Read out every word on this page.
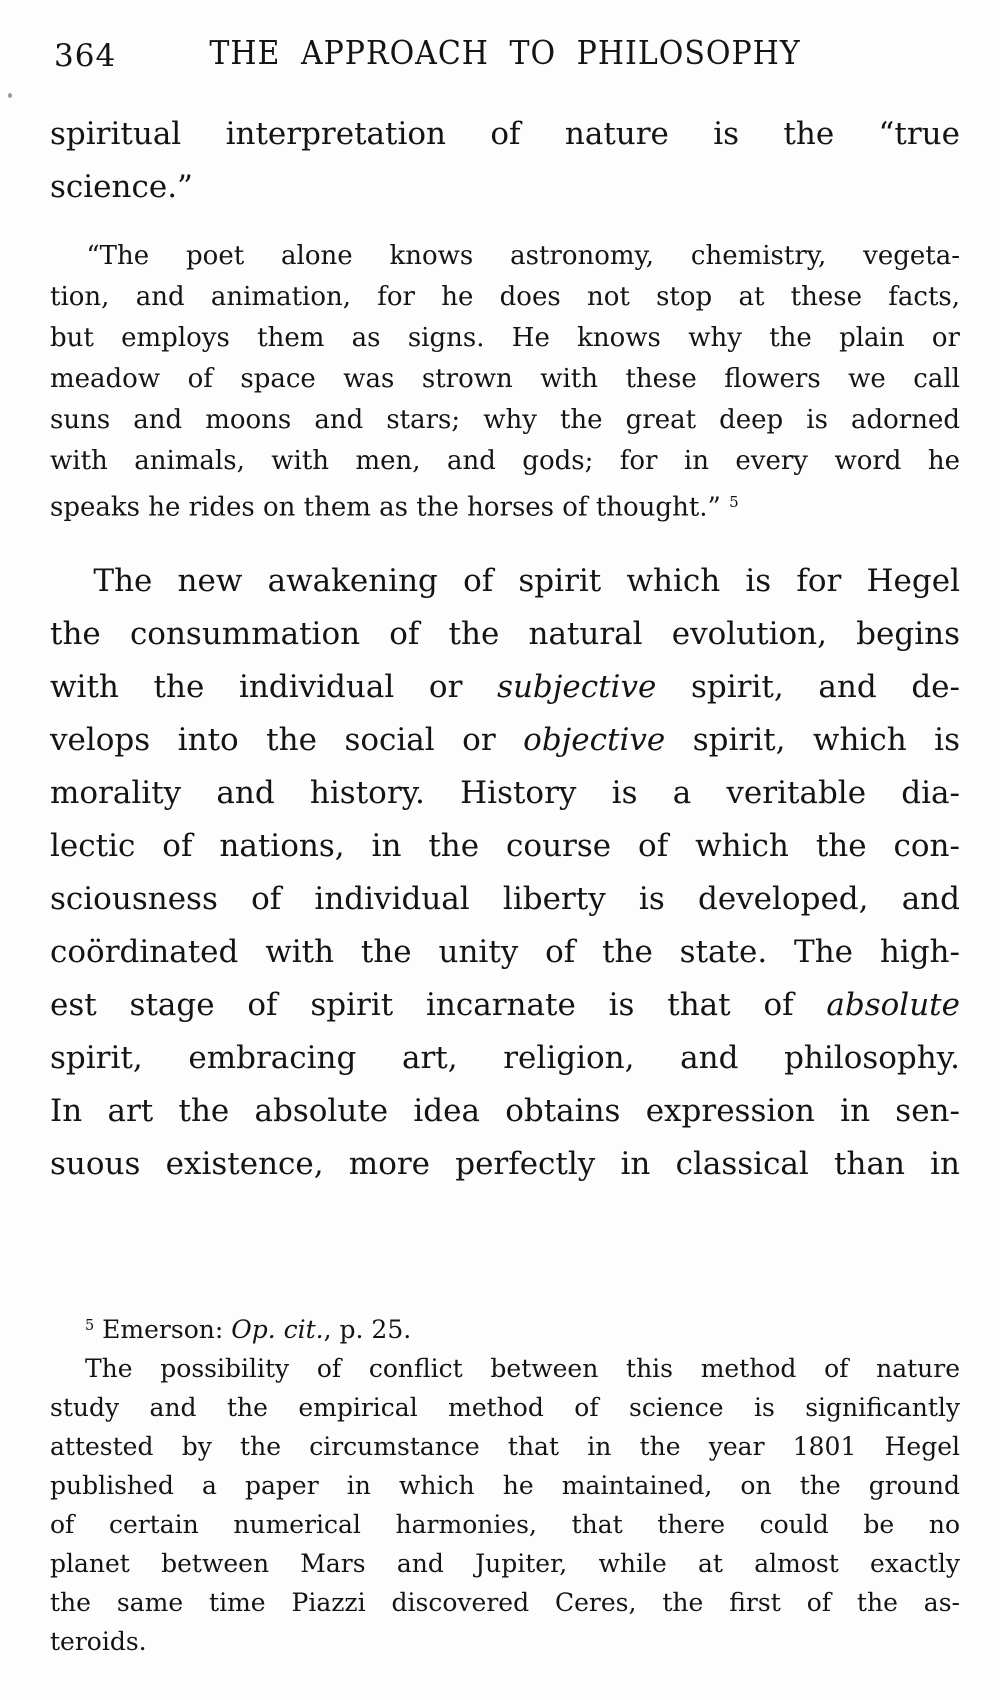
364	THE APPROACH TO PHILOSOPHY
spiritual interpretation of nature is the “true
science.”
“The poet alone knows astronomy, chemistry, vegeta-
tion, and animation, for he does not stop at these facts,
but employs them as signs. He knows why the plain or
meadow of space was strown with these flowers we call
suns and moons and stars; why the great deep is adorned
with animals, with men, and gods; for in every word he
speaks he rides on them as the horses of thought.” $^5$
The new awakening of spirit which is for Hegel
the consummation of the natural evolution, begins
with the individual or subjective spirit, and de-
velops into the social or objective spirit, which is
morality and history. History is a veritable dia-
lectic of nations, in the course of which the con-
sciousness of individual liberty is developed, and
coördinated with the unity of the state. The high-
est stage of spirit incarnate is that of absolute
spirit, embracing art, religion, and philosophy.
In art the absolute idea obtains expression in sen-
suous existence, more perfectly in classical than in
$^5$ Emerson: Op. cit., p. 25.
The possibility of conflict between this method of nature
study and the empirical method of science is significantly
attested by the circumstance that in the year 1801 Hegel
published a paper in which he maintained, on the ground
of certain numerical harmonies, that there could be no
planet between Mars and Jupiter, while at almost exactly
the same time Piazzi discovered Ceres, the first of the as-
teroids.
